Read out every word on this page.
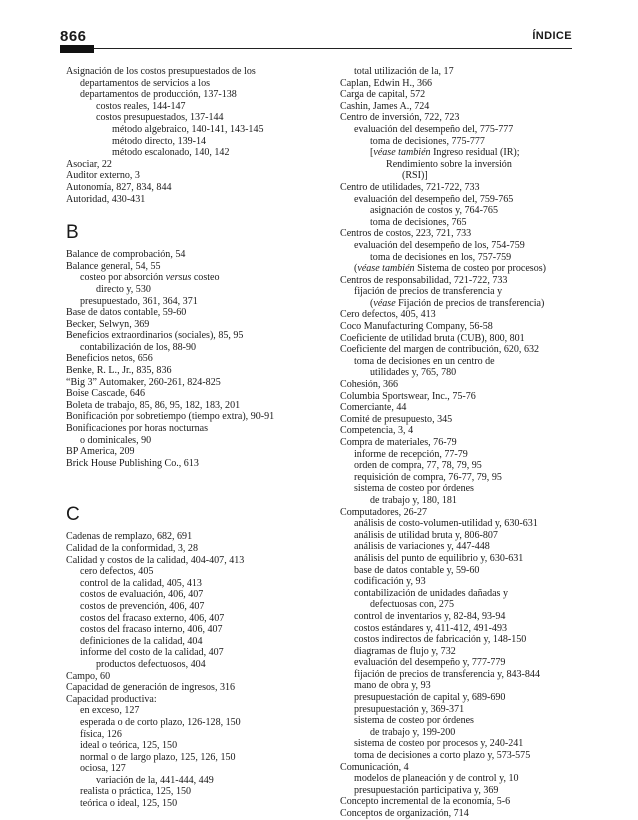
866	ÍNDICE
Asignación de los costos presupuestados de los
departamentos de servicios a los
departamentos de producción, 137-138
costos reales, 144-147
costos presupuestados, 137-144
método algebraico, 140-141, 143-145
método directo, 139-14
método escalonado, 140, 142
Asociar, 22
Auditor externo, 3
Autonomía, 827, 834, 844
Autoridad, 430-431
B
Balance de comprobación, 54
Balance general, 54, 55
costeo por absorción versus costeo
directo y, 530
presupuestado, 361, 364, 371
Base de datos contable, 59-60
Becker, Selwyn, 369
Beneficios extraordinarios (sociales), 85, 95
contabilización de los, 88-90
Beneficios netos, 656
Benke, R. L., Jr., 835, 836
“Big 3” Automaker, 260-261, 824-825
Boise Cascade, 646
Boleta de trabajo, 85, 86, 95, 182, 183, 201
Bonificación por sobretiempo (tiempo extra), 90-91
Bonificaciones por horas nocturnas
o dominicales, 90
BP America, 209
Brick House Publishing Co., 613
C
Cadenas de remplazo, 682, 691
Calidad de la conformidad, 3, 28
Calidad y costos de la calidad, 404-407, 413
cero defectos, 405
control de la calidad, 405, 413
costos de evaluación, 406, 407
costos de prevención, 406, 407
costos del fracaso externo, 406, 407
costos del fracaso interno, 406, 407
definiciones de la calidad, 404
informe del costo de la calidad, 407
productos defectuosos, 404
Campo, 60
Capacidad de generación de ingresos, 316
Capacidad productiva:
en exceso, 127
esperada o de corto plazo, 126-128, 150
física, 126
ideal o teórica, 125, 150
normal o de largo plazo, 125, 126, 150
ociosa, 127
variación de la, 441-444, 449
realista o práctica, 125, 150
teórica o ideal, 125, 150
total utilización de la, 17
Caplan, Edwin H., 366
Carga de capital, 572
Cashin, James A., 724
Centro de inversión, 722, 723
evaluación del desempeño del, 775-777
toma de decisiones, 775-777
[véase también Ingreso residual (IR);
Rendimiento sobre la inversión
(RSI)]
Centro de utilidades, 721-722, 733
evaluación del desempeño del, 759-765
asignación de costos y, 764-765
toma de decisiones, 765
Centros de costos, 223, 721, 733
evaluación del desempeño de los, 754-759
toma de decisiones en los, 757-759
(véase también Sistema de costeo por procesos)
Centros de responsabilidad, 721-722, 733
fijación de precios de transferencia y
(véase Fijación de precios de transferencia)
Cero defectos, 405, 413
Coco Manufacturing Company, 56-58
Coeficiente de utilidad bruta (CUB), 800, 801
Coeficiente del margen de contribución, 620, 632
toma de decisiones en un centro de
utilidades y, 765, 780
Cohesión, 366
Columbia Sportswear, Inc., 75-76
Comerciante, 44
Comité de presupuesto, 345
Competencia, 3, 4
Compra de materiales, 76-79
informe de recepción, 77-79
orden de compra, 77, 78, 79, 95
requisición de compra, 76-77, 79, 95
sistema de costeo por órdenes
de trabajo y, 180, 181
Computadores, 26-27
análisis de costo-volumen-utilidad y, 630-631
análisis de utilidad bruta y, 806-807
análisis de variaciones y, 447-448
análisis del punto de equilibrio y, 630-631
base de datos contable y, 59-60
codificación y, 93
contabilización de unidades dañadas y
defectuosas con, 275
control de inventarios y, 82-84, 93-94
costos estándares y, 411-412, 491-493
costos indirectos de fabricación y, 148-150
diagramas de flujo y, 732
evaluación del desempeño y, 777-779
fijación de precios de transferencia y, 843-844
mano de obra y, 93
presupuestación de capital y, 689-690
presupuestación y, 369-371
sistema de costeo por órdenes
de trabajo y, 199-200
sistema de costeo por procesos y, 240-241
toma de decisiones a corto plazo y, 573-575
Comunicación, 4
modelos de planeación y de control y, 10
presupuestación participativa y, 369
Concepto incremental de la economía, 5-6
Conceptos de organización, 714
